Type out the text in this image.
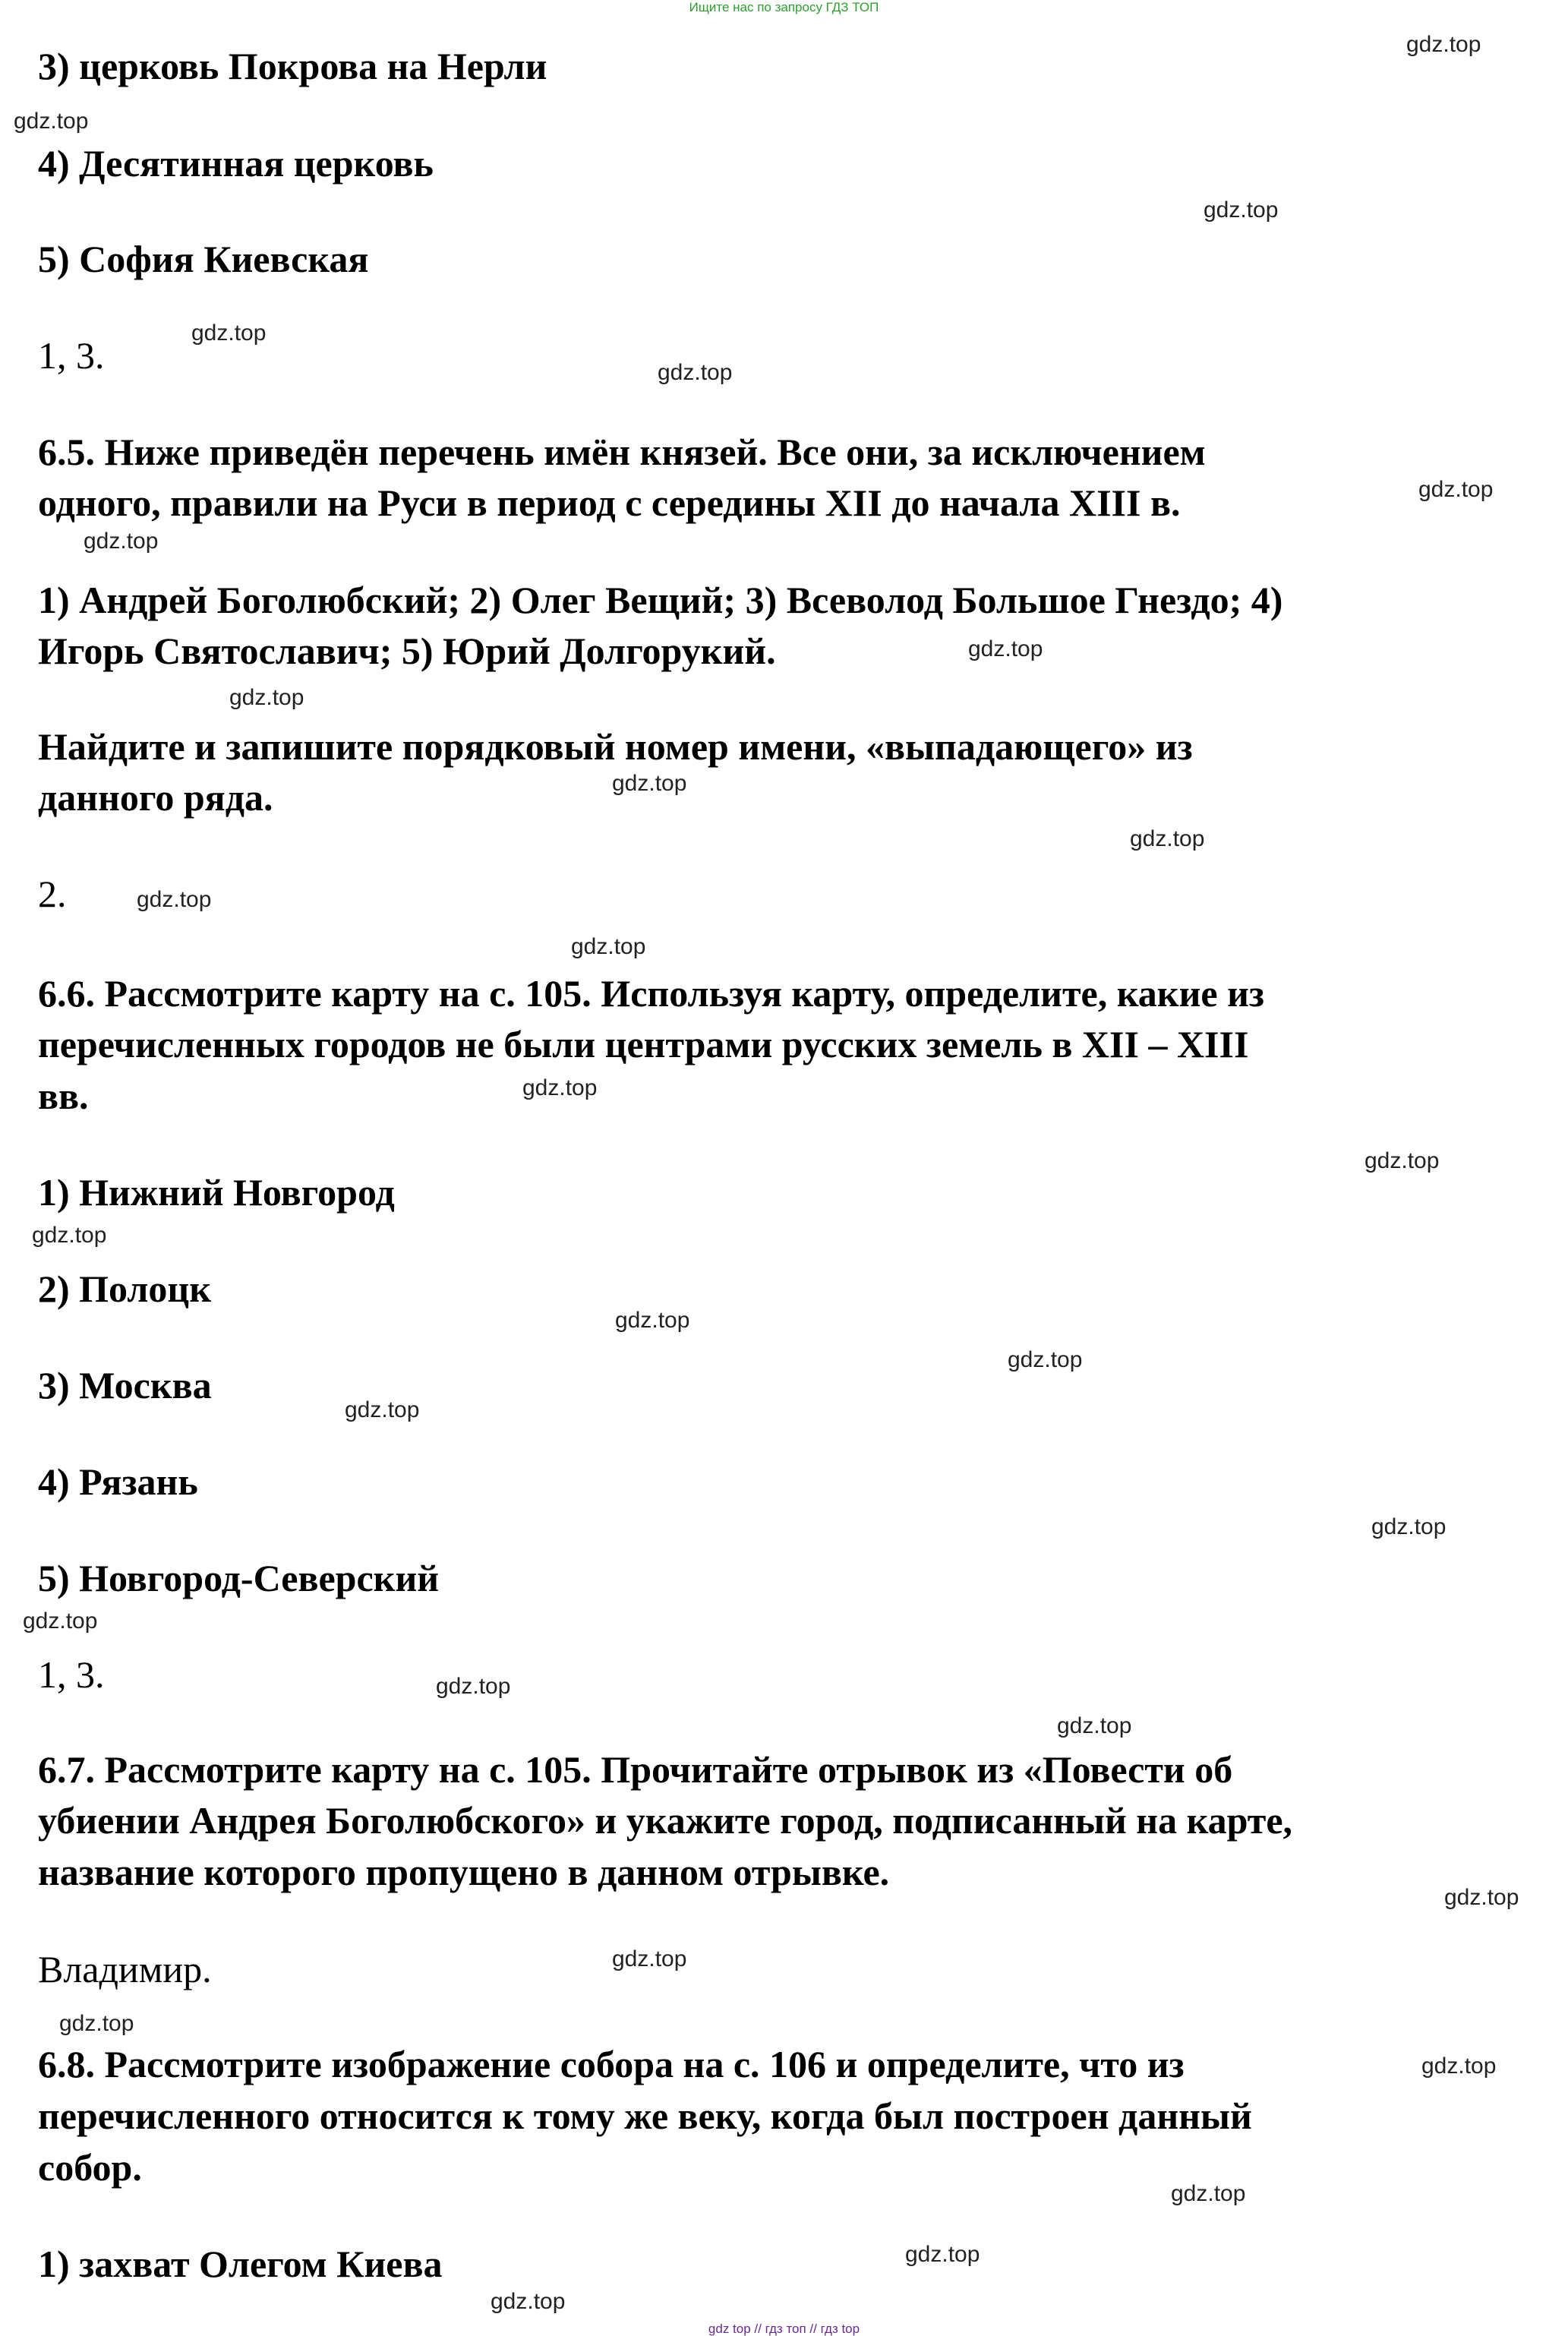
Ищите нас по запросу ГДЗ ТОП

3) церковь Покрова на Нерли

4) Десятинная церковь

5) София Киевская

1, 3.

6.5. Ниже приведён перечень имён князей. Все они, за исключением

одного, правили на Руси в период с середины XII до начала XIII в.

1) Андрей Боголюбский; 2) Олег Вещий; 3) Всеволод Большое Гнездо; 4)

Игорь Святославич; 5) Юрий Долгорукий.

Найдите и запишите порядковый номер имени, «выпадающего» из

данного ряда.

2.

6.6. Рассмотрите карту на с. 105. Используя карту, определите, какие из

перечисленных городов не были центрами русских земель в XII – XIII

вв.

1) Нижний Новгород

2) Полоцк

3) Москва

4) Рязань

5) Новгород-Северский

1, 3.

6.7. Рассмотрите карту на с. 105. Прочитайте отрывок из «Повести об

убиении Андрея Боголюбского» и укажите город, подписанный на карте,

название которого пропущено в данном отрывке.

Владимир.

6.8. Рассмотрите изображение собора на с. 106 и определите, что из

перечисленного относится к тому же веку, когда был построен данный

собор.

1) захват Олегом Киева

gdz.top
gdz.top
gdz.top
gdz.top
gdz.top
gdz.top
gdz.top
gdz.top
gdz.top
gdz.top
gdz.top
gdz.top
gdz.top
gdz.top
gdz.top
gdz.top
gdz.top
gdz.top
gdz.top
gdz.top
gdz.top
gdz.top
gdz.top
gdz.top
gdz.top
gdz.top
gdz.top
gdz.top
gdz.top
gdz.top
gdz top // гдз топ // гдз top
